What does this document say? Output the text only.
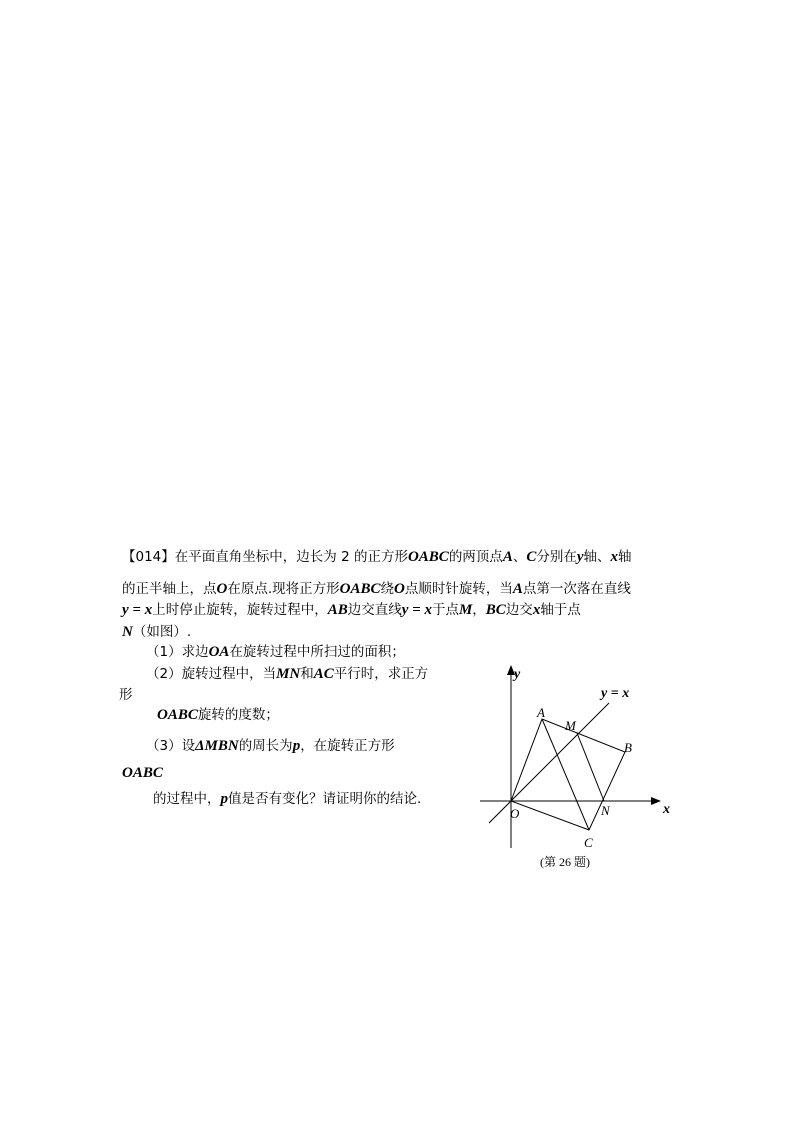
【014】在平面直角坐标中，边长为 2 的正方形OABC的两顶点A、C分别在y轴、x轴
的正半轴上，点O在原点.现将正方形OABC绕O点顺时针旋转，当A点第一次落在直线
y = x上时停止旋转，旋转过程中，AB边交直线y = x于点M，BC边交x轴于点
N（如图）.
（1）求边OA在旋转过程中所扫过的面积；
（2）旋转过程中，当MN和AC平行时，求正方
形
OABC旋转的度数；
（3）设ΔMBN的周长为p，在旋转正方形
OABC
的过程中，p值是否有变化？请证明你的结论.
y
x
y = x
A
M
B
O	N
C
(第 26 题)
